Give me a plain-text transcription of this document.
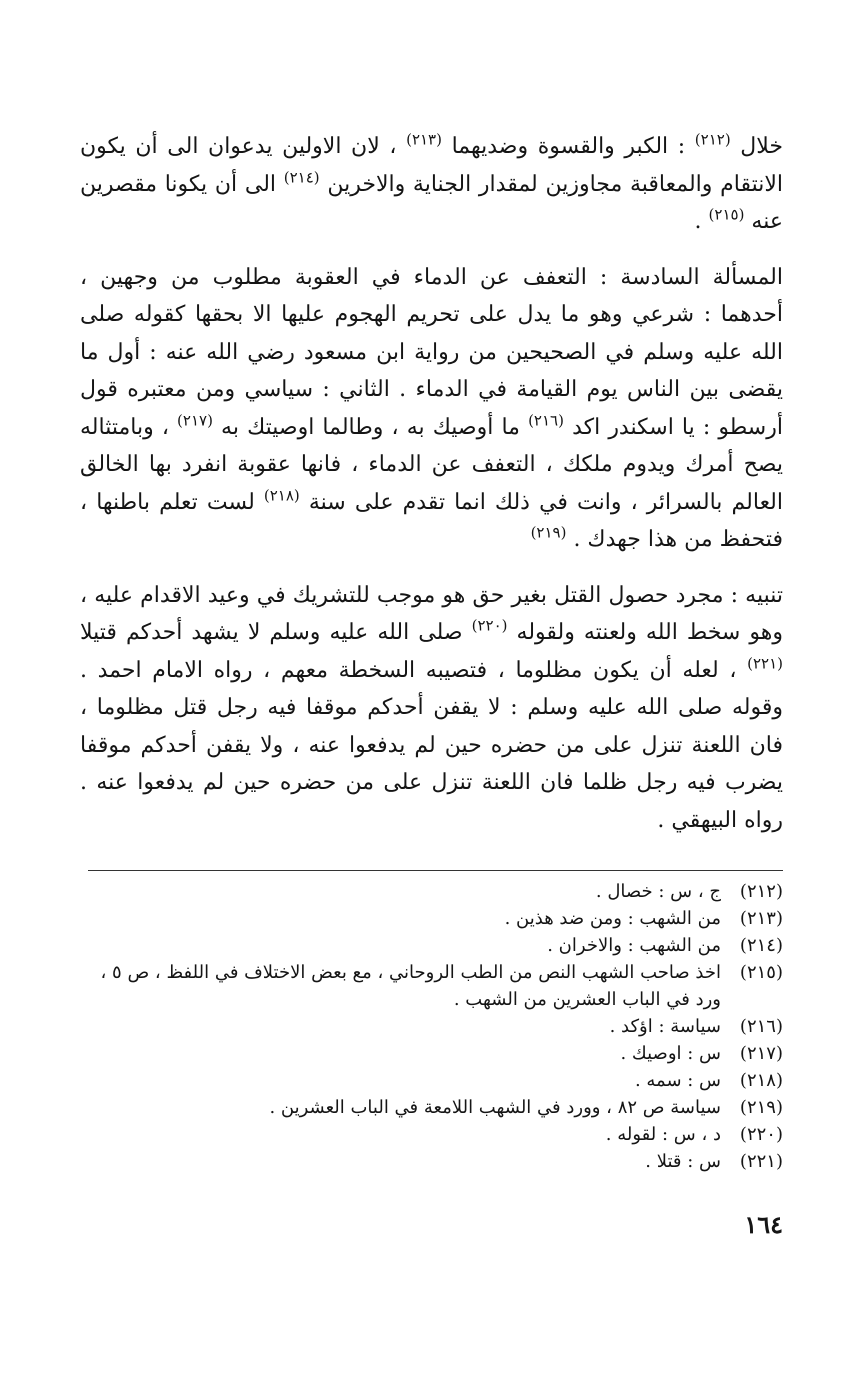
خلال $^{(٢١٢)}$ : الكبر والقسوة وضديهما $^{(٢١٣)}$ ، لان الاولين يدعوان الى أن يكون الانتقام والمعاقبة مجاوزين لمقدار الجناية والاخرين $^{(٢١٤)}$ الى أن يكونا مقصرين عنه $^{(٢١٥)}$ .

المسألة السادسة : التعفف عن الدماء في العقوبة مطلوب من وجهين ، أحدهما : شرعي وهو ما يدل على تحريم الهجوم عليها الا بحقها كقوله صلى الله عليه وسلم في الصحيحين من رواية ابن مسعود رضي الله عنه : أول ما يقضى بين الناس يوم القيامة في الدماء . الثاني : سياسي ومن معتبره قول أرسطو : يا اسكندر اكد $^{(٢١٦)}$ ما أوصيك به ، وطالما اوصيتك به $^{(٢١٧)}$ ، وبامتثاله يصح أمرك ويدوم ملكك ، التعفف عن الدماء ، فانها عقوبة انفرد بها الخالق العالم بالسرائر ، وانت في ذلك انما تقدم على سنة $^{(٢١٨)}$ لست تعلم باطنها ، فتحفظ من هذا جهدك . $^{(٢١٩)}$

تنبيه : مجرد حصول القتل بغير حق هو موجب للتشريك في وعيد الاقدام عليه ، وهو سخط الله ولعنته ولقوله $^{(٢٢٠)}$ صلى الله عليه وسلم لا يشهد أحدكم قتيلا $^{(٢٢١)}$ ، لعله أن يكون مظلوما ، فتصيبه السخطة معهم ، رواه الامام احمد . وقوله صلى الله عليه وسلم : لا يقفن أحدكم موقفا فيه رجل قتل مظلوما ، فان اللعنة تنزل على من حضره حين لم يدفعوا عنه ، ولا يقفن أحدكم موقفا يضرب فيه رجل ظلما فان اللعنة تنزل على من حضره حين لم يدفعوا عنه . رواه البيهقي .

(٢١٢)
ج ، س : خصال .
(٢١٣)
من الشهب : ومن ضد هذين .
(٢١٤)
من الشهب : والاخران .
(٢١٥)
اخذ صاحب الشهب النص من الطب الروحاني ، مع بعض الاختلاف في اللفظ ، ص ٥ ، ورد في الباب العشرين من الشهب .
(٢١٦)
سياسة : اؤكد .
(٢١٧)
س : اوصيك .
(٢١٨)
س : سمه .
(٢١٩)
سياسة ص ٨٢ ، وورد في الشهب اللامعة في الباب العشرين .
(٢٢٠)
د ، س : لقوله .
(٢٢١)
س : قتلا .
١٦٤
